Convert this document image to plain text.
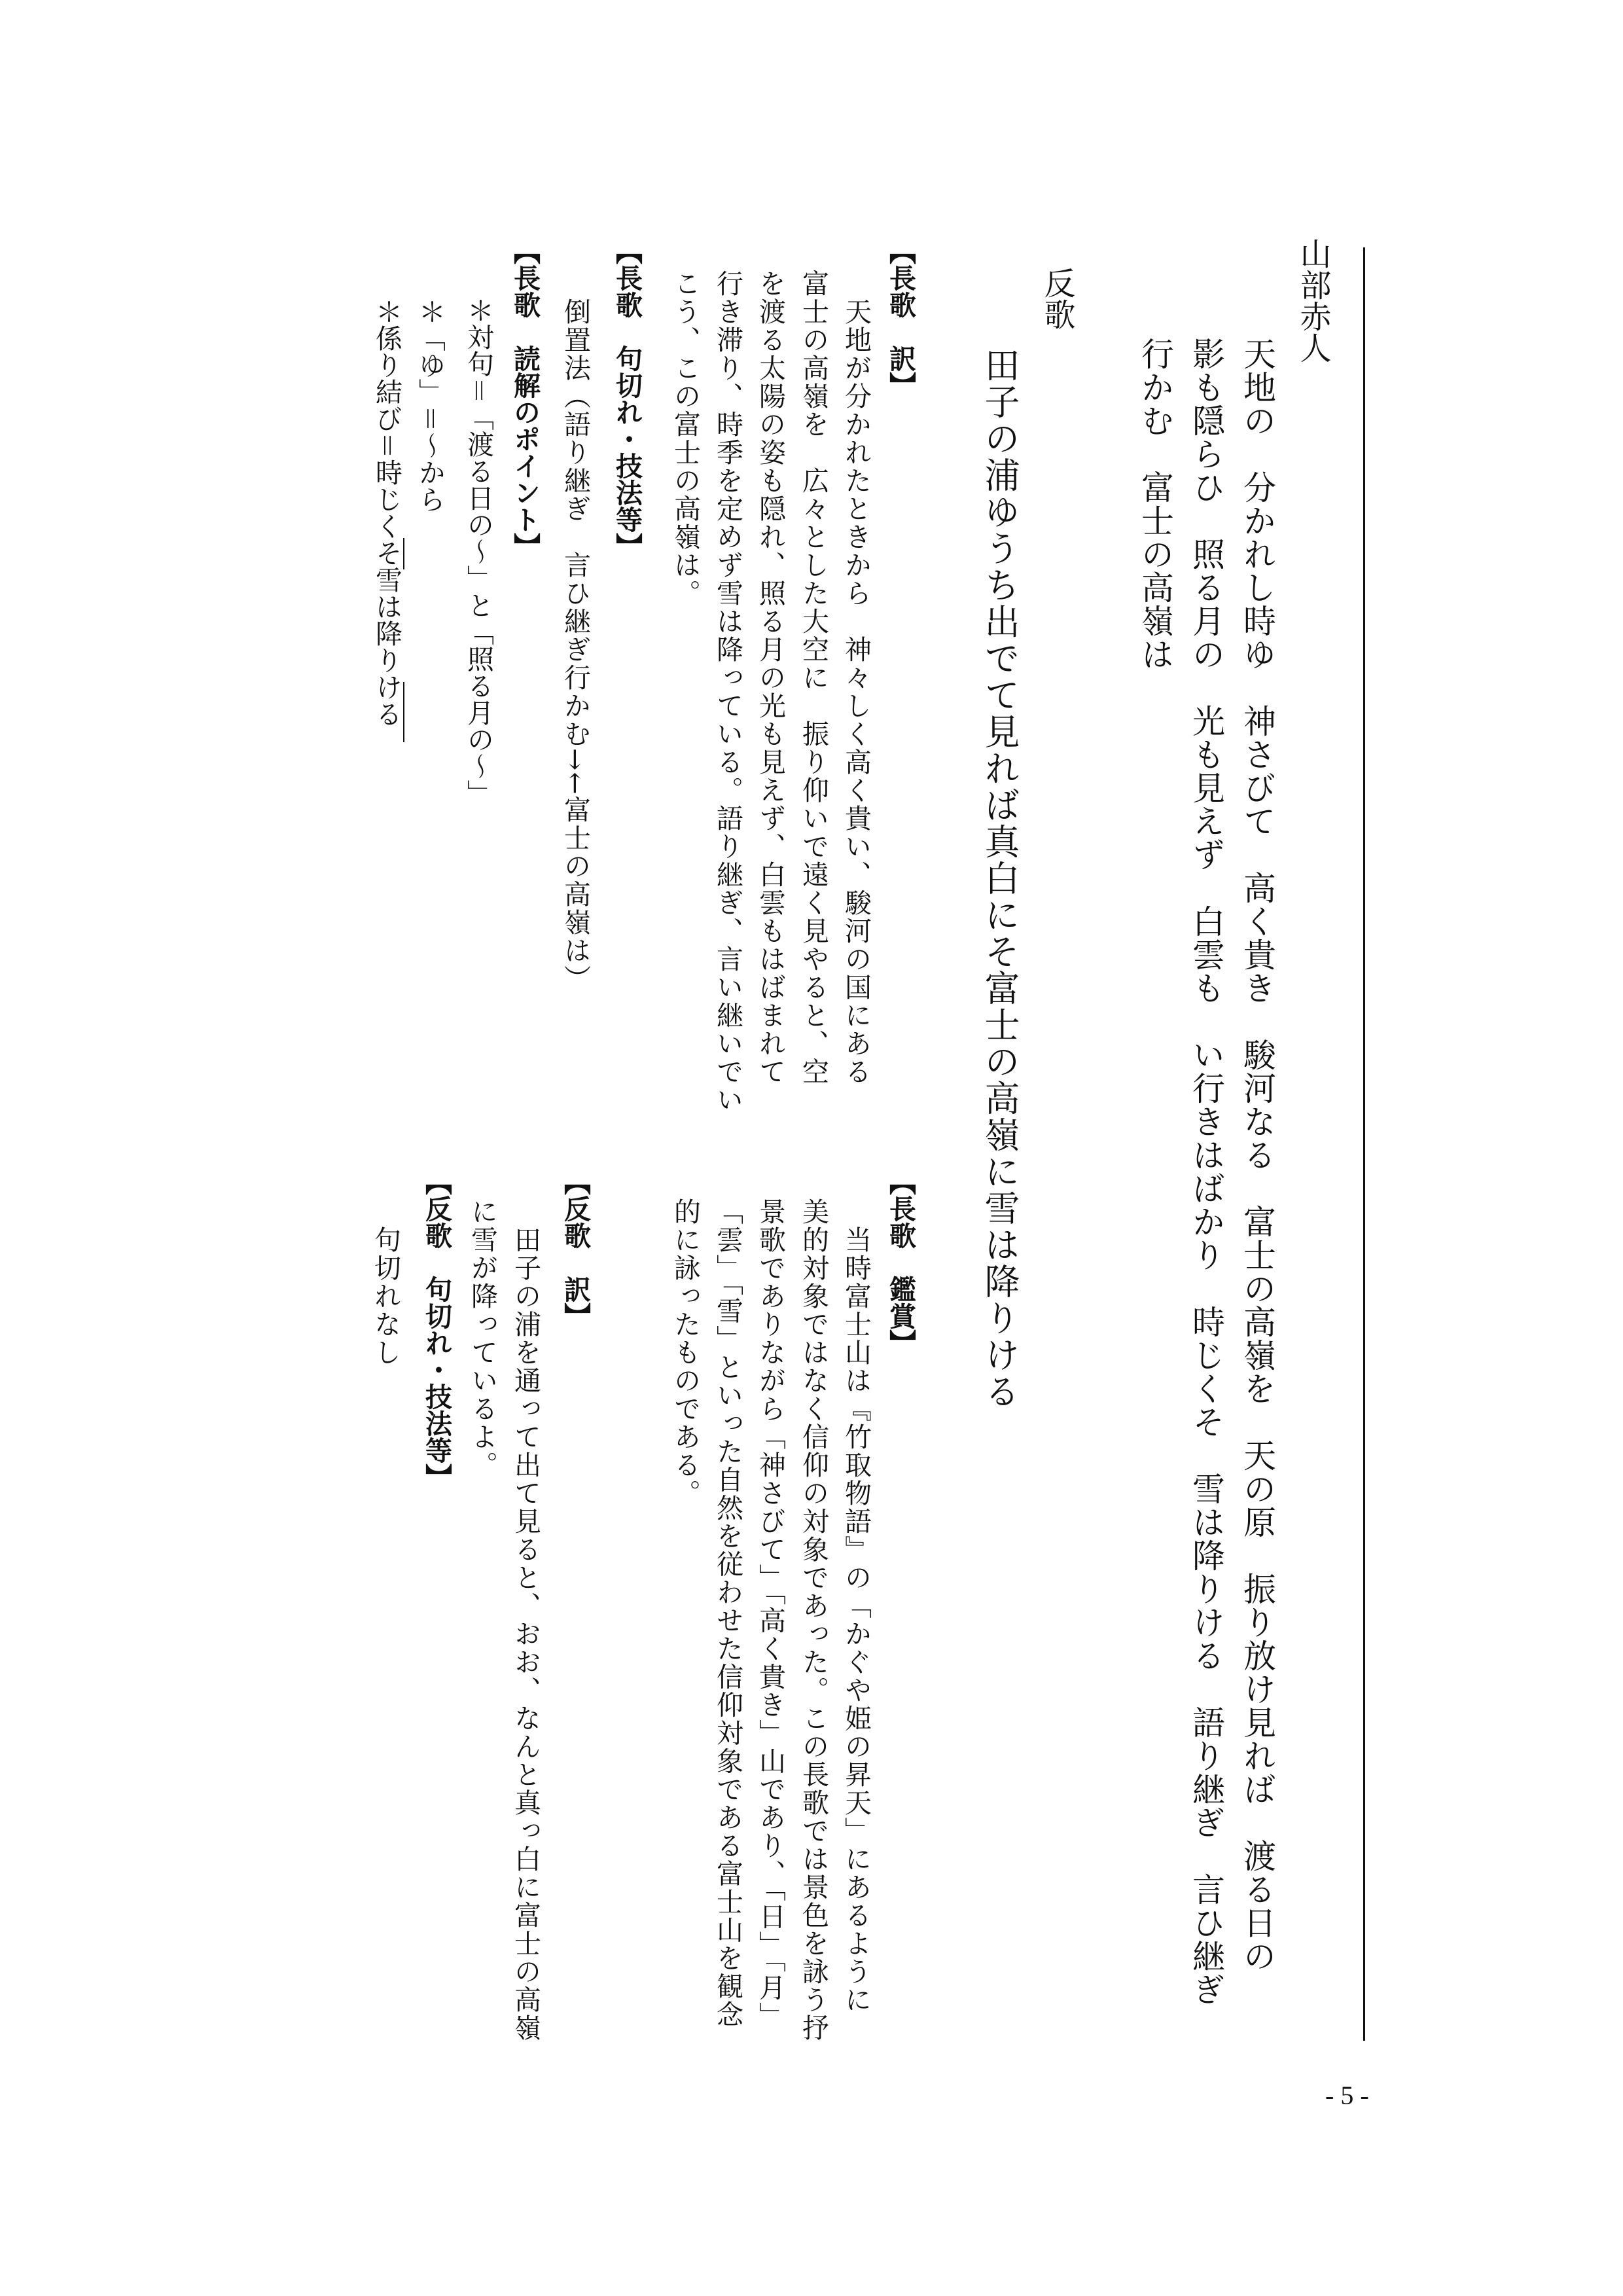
山部赤人
天地の　分かれし時ゆ　神さびて　高く貴き　駿河なる　富士の高嶺を　天の原　振り放け見れば　渡る日の
影も隠らひ　照る月の　光も見えず　白雲も　い行きはばかり　時じくそ　雪は降りける　語り継ぎ　言ひ継ぎ
行かむ　富士の高嶺は
反歌
田子の浦ゆうち出でて見れば真白にそ富士の高嶺に雪は降りける
【長歌　訳】
　天地が分かれたときから　神々しく高く貴い、駿河の国にある
富士の高嶺を　広々とした大空に　振り仰いで遠く見やると、空
を渡る太陽の姿も隠れ、照る月の光も見えず、白雲もはばまれて
行き滞り、時季を定めず雪は降っている。語り継ぎ、言い継いでい
こう、この富士の高嶺は。
【長歌　句切れ・技法等】
　倒置法（語り継ぎ　言ひ継ぎ行かむ→←富士の高嶺は）
【長歌　読解のポイント】
　＊対句＝「渡る日の～」と「照る月の～」
＊「ゆ」＝～から
＊係り結び＝時じくそ雪は降りける
【長歌　鑑賞】
　当時富士山は『竹取物語』の「かぐや姫の昇天」にあるように
美的対象ではなく信仰の対象であった。この長歌では景色を詠う抒
景歌でありながら「神さびて」「高く貴き」山であり、「日」「月」
「雲」「雪」といった自然を従わせた信仰対象である富士山を観念
的に詠ったものである。
【反歌　訳】
　田子の浦を通って出て見ると、おお、なんと真っ白に富士の高嶺
に雪が降っているよ。
【反歌　句切れ・技法等】
　句切れなし
- 5 -
